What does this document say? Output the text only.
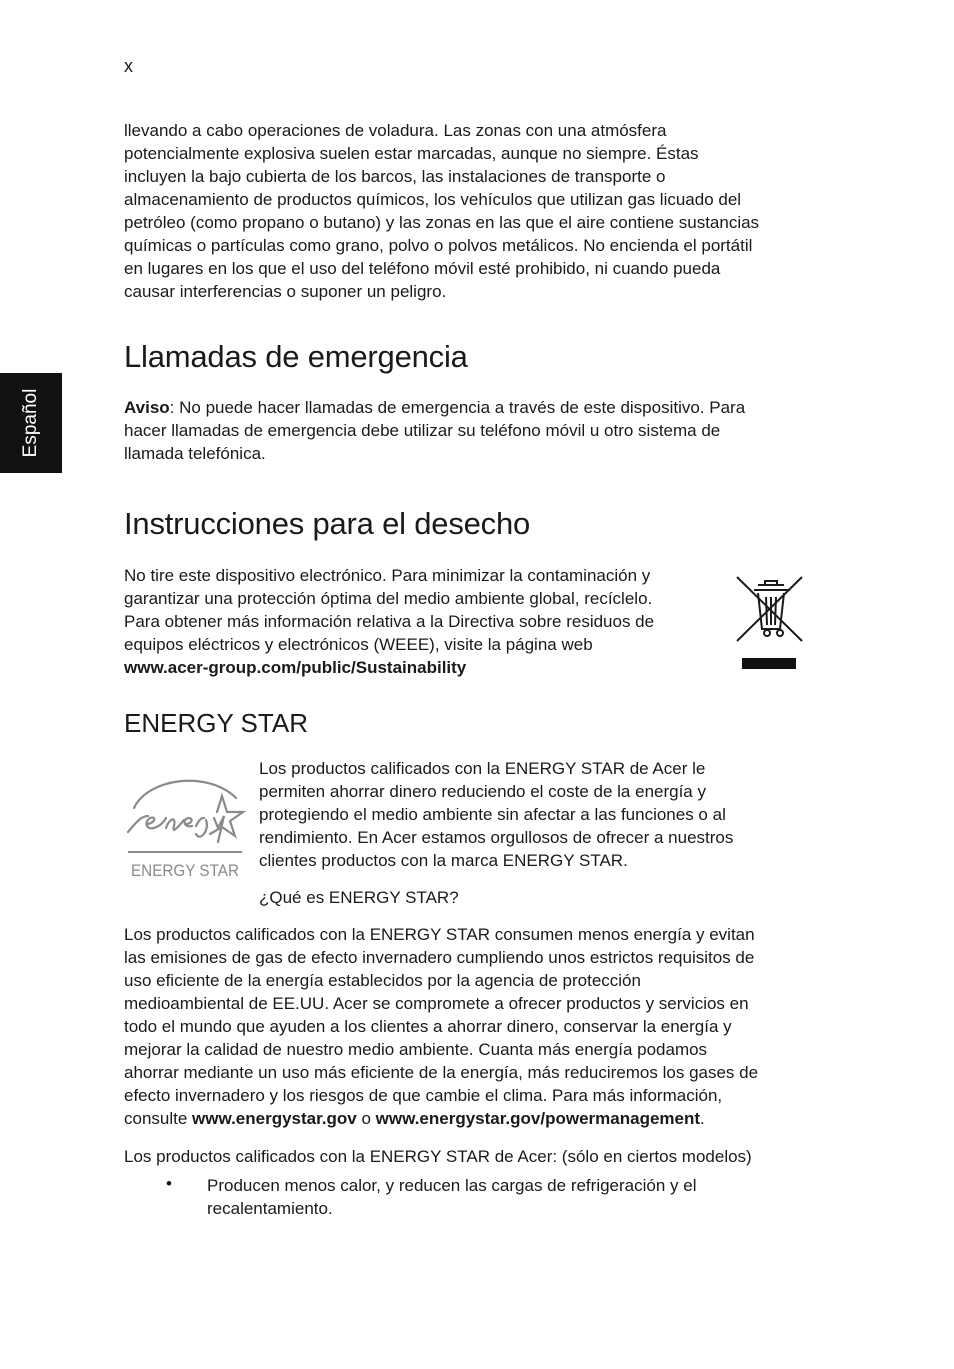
x
Español

llevando a cabo operaciones de voladura. Las zonas con una atmósfera

potencialmente explosiva suelen estar marcadas, aunque no siempre. Éstas

incluyen la bajo cubierta de los barcos, las instalaciones de transporte o

almacenamiento de productos químicos, los vehículos que utilizan gas licuado del

petróleo (como propano o butano) y las zonas en las que el aire contiene sustancias

químicas o partículas como grano, polvo o polvos metálicos. No encienda el portátil

en lugares en los que el uso del teléfono móvil esté prohibido, ni cuando pueda

causar interferencias o suponer un peligro.

Llamadas de emergencia

Aviso: No puede hacer llamadas de emergencia a través de este dispositivo. Para

hacer llamadas de emergencia debe utilizar su teléfono móvil u otro sistema de

llamada telefónica.

Instrucciones para el desecho

No tire este dispositivo electrónico. Para minimizar la contaminación y

garantizar una protección óptima del medio ambiente global, recíclelo.

Para obtener más información relativa a la Directiva sobre residuos de

equipos eléctricos y electrónicos (WEEE), visite la página web

www.acer-group.com/public/Sustainability

ENERGY STAR
ENERGY STAR

Los productos calificados con la ENERGY STAR de Acer le

permiten ahorrar dinero reduciendo el coste de la energía y

protegiendo el medio ambiente sin afectar a las funciones o al

rendimiento. En Acer estamos orgullosos de ofrecer a nuestros

clientes productos con la marca ENERGY STAR.

¿Qué es ENERGY STAR?

Los productos calificados con la ENERGY STAR consumen menos energía y evitan

las emisiones de gas de efecto invernadero cumpliendo unos estrictos requisitos de

uso eficiente de la energía establecidos por la agencia de protección

medioambiental de EE.UU. Acer se compromete a ofrecer productos y servicios en

todo el mundo que ayuden a los clientes a ahorrar dinero, conservar la energía y

mejorar la calidad de nuestro medio ambiente. Cuanta más energía podamos

ahorrar mediante un uso más eficiente de la energía, más reduciremos los gases de

efecto invernadero y los riesgos de que cambie el clima. Para más información,

consulte www.energystar.gov o www.energystar.gov/powermanagement.

Los productos calificados con la ENERGY STAR de Acer: (sólo en ciertos modelos)

• Producen menos calor, y reducen las cargas de refrigeración y el

recalentamiento.
